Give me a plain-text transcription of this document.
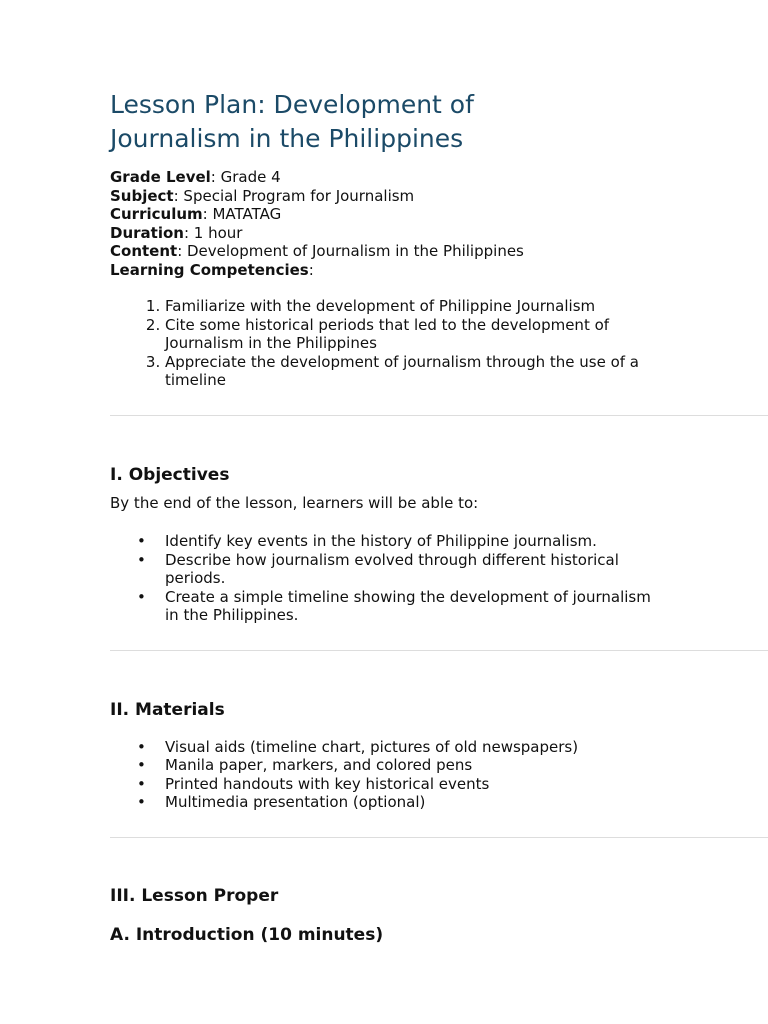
Lesson Plan: Development of Journalism in the Philippines
Grade Level: Grade 4
Subject: Special Program for Journalism
Curriculum: MATATAG
Duration: 1 hour
Content: Development of Journalism in the Philippines
Learning Competencies:
1. Familiarize with the development of Philippine Journalism
2. Cite some historical periods that led to the development of Journalism in the Philippines
3. Appreciate the development of journalism through the use of a timeline
I. Objectives

By the end of the lesson, learners will be able to:

• Identify key events in the history of Philippine journalism.
• Describe how journalism evolved through different historical periods.
• Create a simple timeline showing the development of journalism in the Philippines.
II. Materials
• Visual aids (timeline chart, pictures of old newspapers)
• Manila paper, markers, and colored pens
• Printed handouts with key historical events
• Multimedia presentation (optional)
III. Lesson Proper
A. Introduction (10 minutes)
